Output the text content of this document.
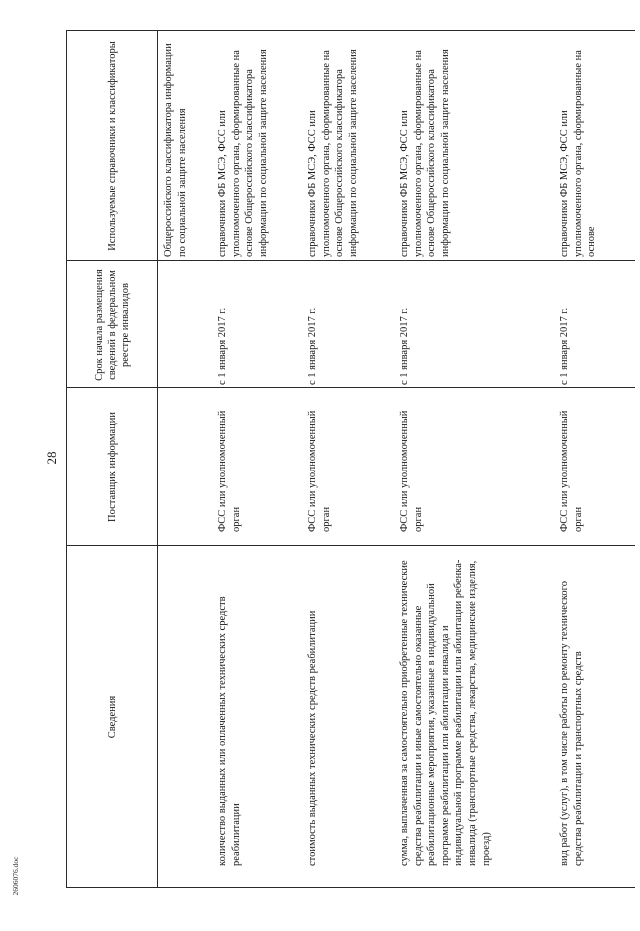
28
2606076.doc
Сведения
Поставщик информации
Срок начала размещения сведений в федеральном реестре инвалидов
Используемые справочники и классификаторы	Общероссийского классификатора информации по социальной защите населения
количество выданных или оплаченных технических средств реабилитации
ФСС или уполномоченный орган
с 1 января 2017 г.
справочники ФБ МСЭ, ФСС или уполномоченного органа, сформированные на основе Общероссийского классификатора информации по социальной защите населения
стоимость выданных технических средств реабилитации
ФСС или уполномоченный орган
с 1 января 2017 г.
справочники ФБ МСЭ, ФСС или уполномоченного органа, сформированные на основе Общероссийского классификатора информации по социальной защите населения
сумма, выплаченная за самостоятельно приобретенные технические средства реабилитации и иные самостоятельно оказанные реабилитационные мероприятия, указанные в индивидуальной программе реабилитации или абилитации инвалида и индивидуальной программе реабилитации или абилитации ребенка-инвалида (транспортные средства, лекарства, медицинские изделия, проезд)
ФСС или уполномоченный орган
с 1 января 2017 г.
справочники ФБ МСЭ, ФСС или уполномоченного органа, сформированные на основе Общероссийского классификатора информации по социальной защите населения
вид работ (услуг), в том числе работы по ремонту технического средства реабилитации и транспортных средств
ФСС или уполномоченный орган
с 1 января 2017 г.
справочники ФБ МСЭ, ФСС или уполномоченного органа, сформированные на основе
